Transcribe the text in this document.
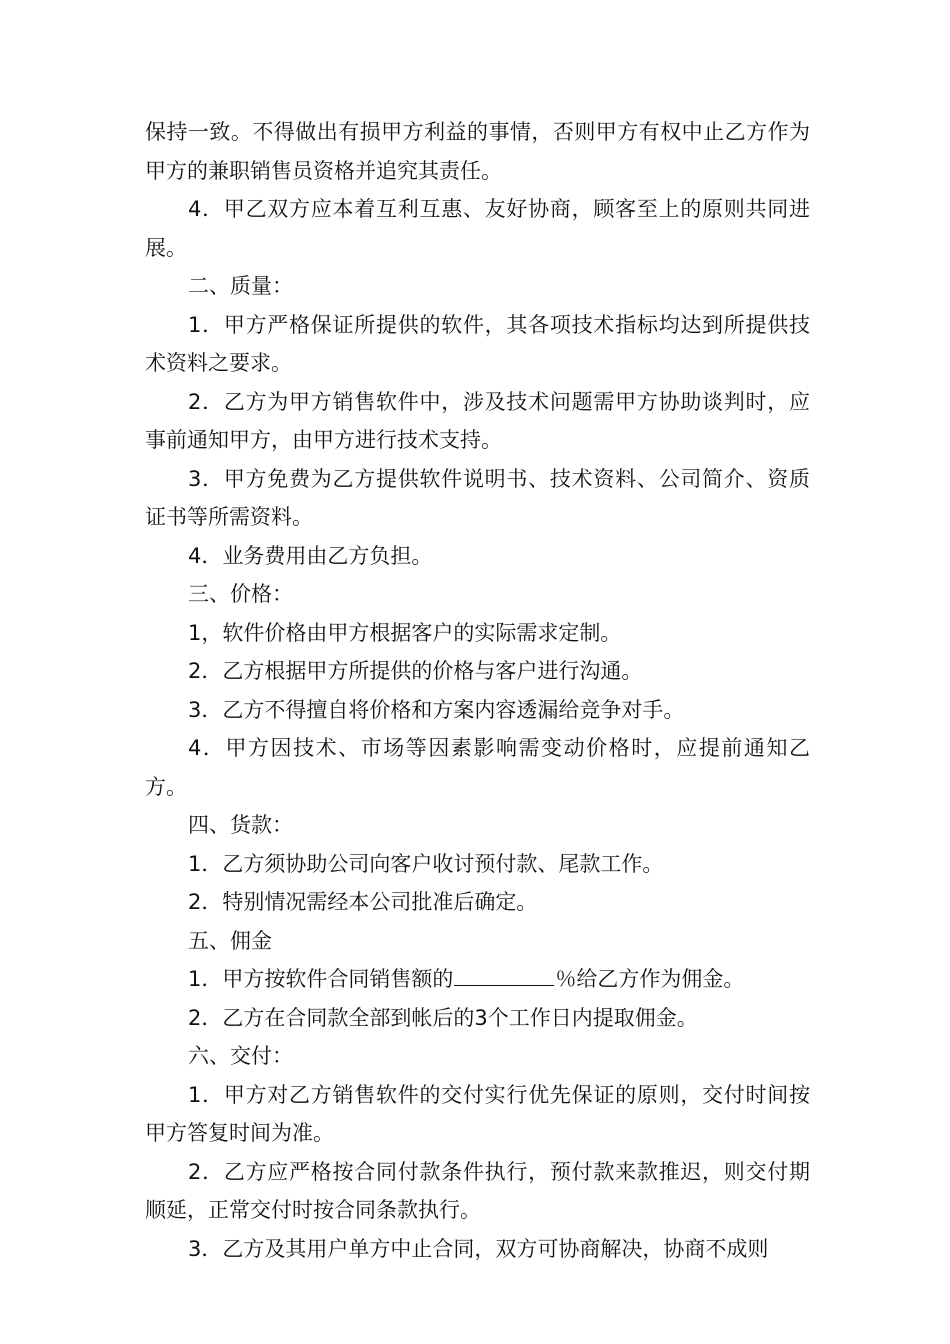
保持一致。不得做出有损甲方利益的事情，否则甲方有权中止乙方作为甲方的兼职销售员资格并追究其责任。

4．甲乙双方应本着互利互惠、友好协商，顾客至上的原则共同进展。

二、质量：

1．甲方严格保证所提供的软件，其各项技术指标均达到所提供技术资料之要求。

2．乙方为甲方销售软件中，涉及技术问题需甲方协助谈判时，应事前通知甲方，由甲方进行技术支持。

3．甲方免费为乙方提供软件说明书、技术资料、公司简介、资质证书等所需资料。

4．业务费用由乙方负担。

三、价格：

1，软件价格由甲方根据客户的实际需求定制。

2．乙方根据甲方所提供的价格与客户进行沟通。

3．乙方不得擅自将价格和方案内容透漏给竞争对手。

4．甲方因技术、市场等因素影响需变动价格时，应提前通知乙方。

四、货款：

1．乙方须协助公司向客户收讨预付款、尾款工作。

2．特别情况需经本公司批准后确定。

五、佣金

1．甲方按软件合同销售额的	％给乙方作为佣金。

2．乙方在合同款全部到帐后的3个工作日内提取佣金。

六、交付：

1．甲方对乙方销售软件的交付实行优先保证的原则，交付时间按甲方答复时间为准。

2．乙方应严格按合同付款条件执行，预付款来款推迟，则交付期顺延，正常交付时按合同条款执行。

3．乙方及其用户单方中止合同，双方可协商解决，协商不成则
